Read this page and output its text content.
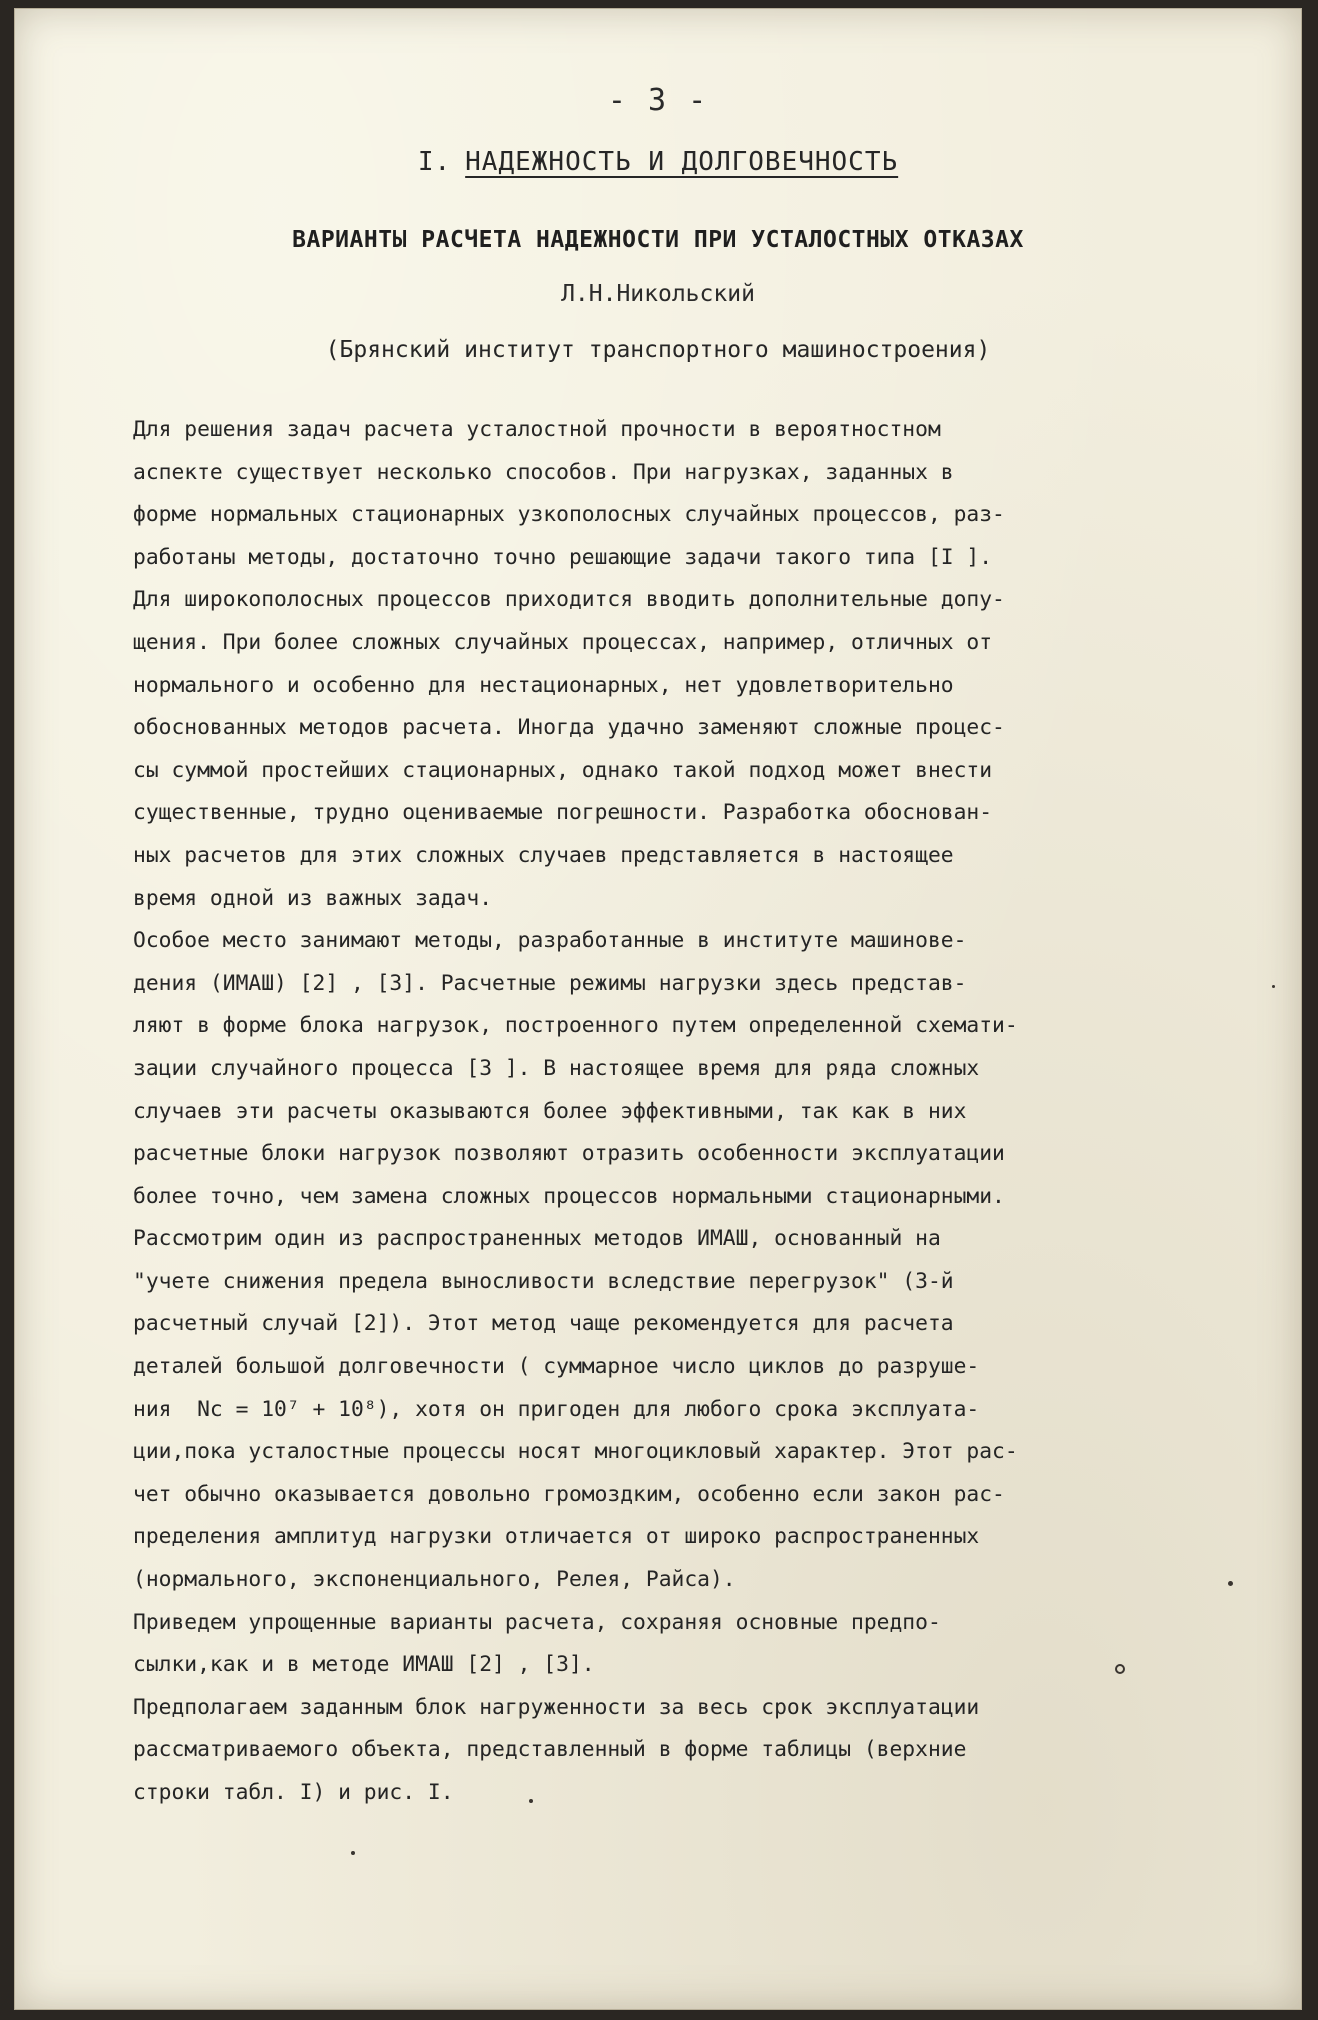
- 3 -
I. НАДЕЖНОСТЬ И ДОЛГОВЕЧНОСТЬ
ВАРИАНТЫ РАСЧЕТА НАДЕЖНОСТИ ПРИ УСТАЛОСТНЫХ ОТКАЗАХ
Л.Н.Никольский
(Брянский институт транспортного машиностроения)
Для решения задач расчета усталостной прочности в вероятностном
аспекте существует несколько способов. При нагрузках, заданных в
форме нормальных стационарных узкополосных случайных процессов, раз-
работаны методы, достаточно точно решающие задачи такого типа [I ].
Для широкополосных процессов приходится вводить дополнительные допу-
щения. При более сложных случайных процессах, например, отличных от
нормального и особенно для нестационарных, нет удовлетворительно
обоснованных методов расчета. Иногда удачно заменяют сложные процес-
сы суммой простейших стационарных, однако такой подход может внести
существенные, трудно оцениваемые погрешности. Разработка обоснован-
ных расчетов для этих сложных случаев представляется в настоящее
время одной из важных задач.
Особое место занимают методы, разработанные в институте машинове-
дения (ИМАШ) [2] , [3]. Расчетные режимы нагрузки здесь представ-
ляют в форме блока нагрузок, построенного путем определенной схемати-
зации случайного процесса [3 ]. В настоящее время для ряда сложных
случаев эти расчеты оказываются более эффективными, так как в них
расчетные блоки нагрузок позволяют отразить особенности эксплуатации
более точно, чем замена сложных процессов нормальными стационарными.
Рассмотрим один из распространенных методов ИМАШ, основанный на
"учете снижения предела выносливости вследствие перегрузок" (3-й
расчетный случай [2]). Этот метод чаще рекомендуется для расчета
деталей большой долговечности ( суммарное число циклов до разруше-
ния  Nc = 10⁷ + 10⁸), хотя он пригоден для любого срока эксплуата-
ции,пока усталостные процессы носят многоцикловый характер. Этот рас-
чет обычно оказывается довольно громоздким, особенно если закон рас-
пределения амплитуд нагрузки отличается от широко распространенных
(нормального, экспоненциального, Релея, Райса).
Приведем упрощенные варианты расчета, сохраняя основные предпо-
сылки,как и в методе ИМАШ [2] , [3].
Предполагаем заданным блок нагруженности за весь срок эксплуатации
рассматриваемого объекта, представленный в форме таблицы (верхние
строки табл. I) и рис. I.
